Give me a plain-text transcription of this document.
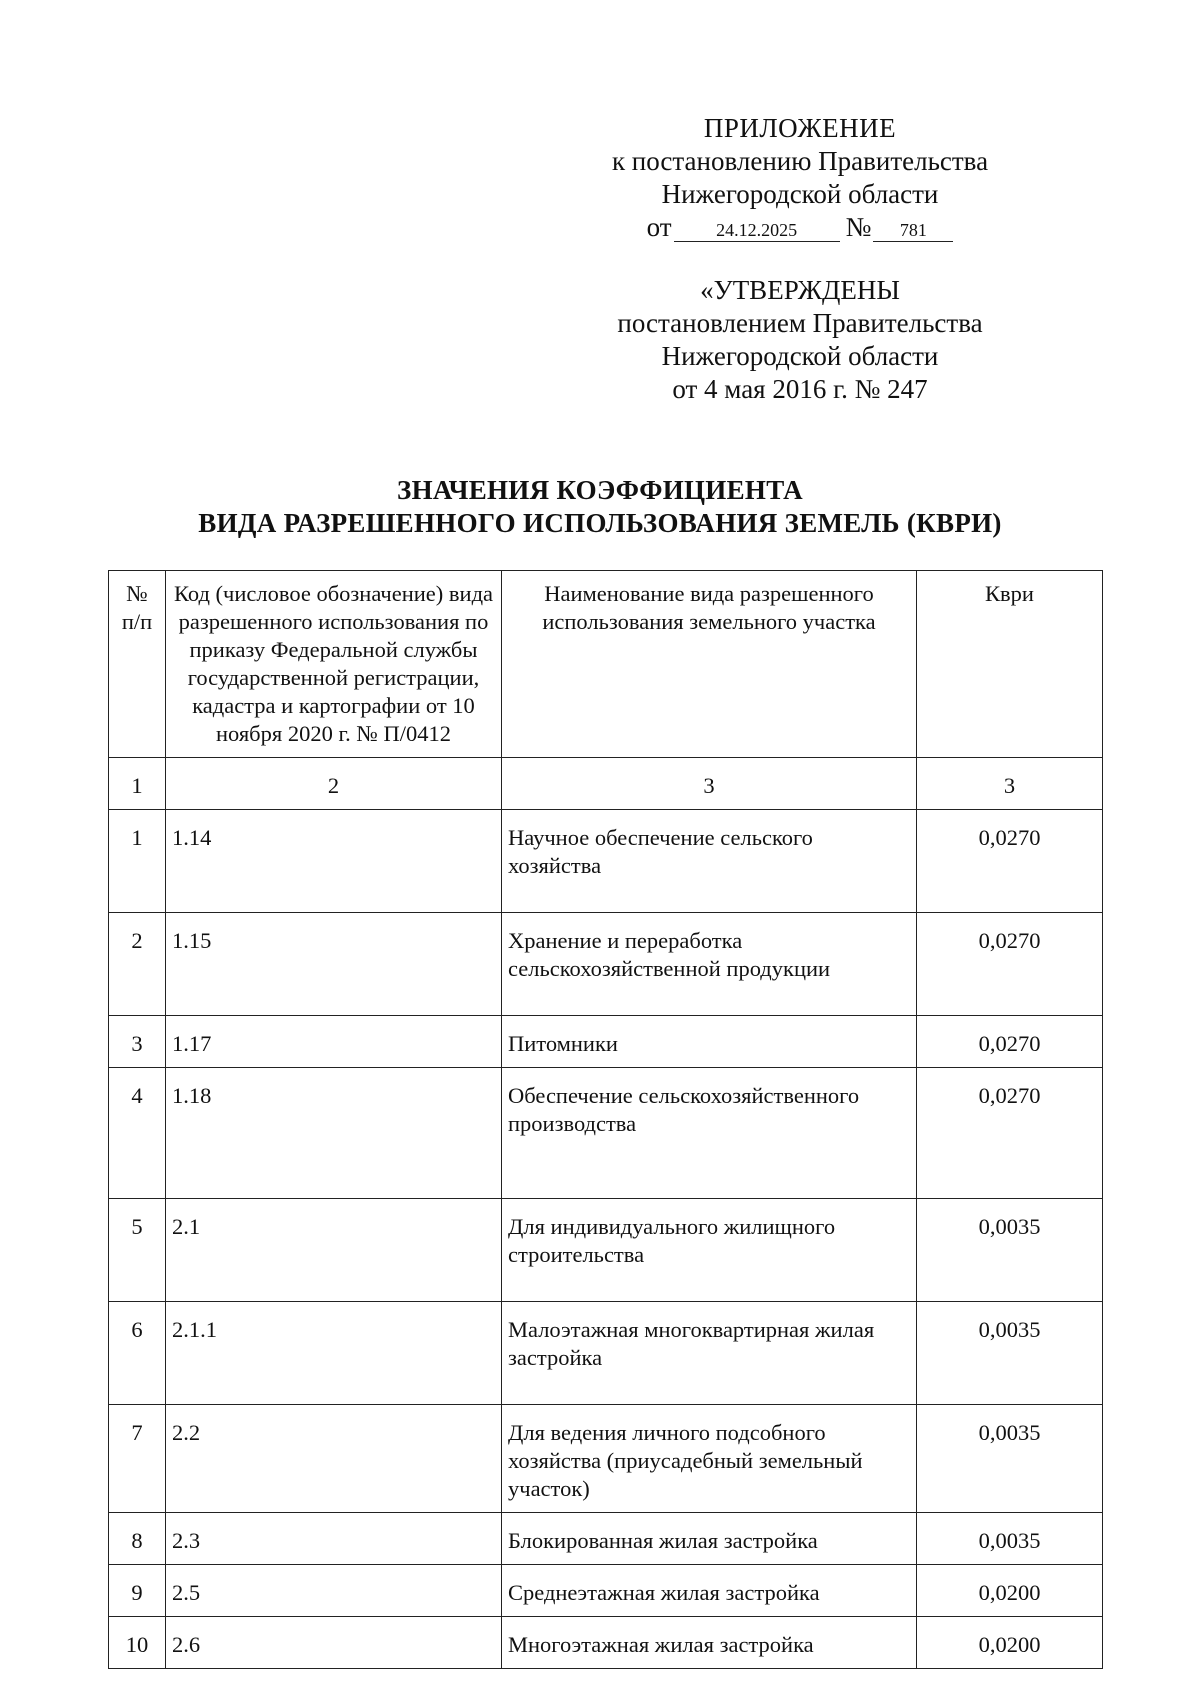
ПРИЛОЖЕНИЕ
к постановлению Правительства
Нижегородской области
от	24.12.2025	№	781
«УТВЕРЖДЕНЫ
постановлением Правительства
Нижегородской области
от 4 мая 2016 г. № 247
ЗНАЧЕНИЯ КОЭФФИЦИЕНТА
ВИДА РАЗРЕШЕННОГО ИСПОЛЬЗОВАНИЯ ЗЕМЕЛЬ (КВРИ)
№ п/п	Код (числовое обозначение) вида разрешенного использования по приказу Федеральной службы государственной регистрации, кадастра и картографии от 10 ноября 2020 г. № П/0412	Наименование вида разрешенного использования земельного участка	Кври
1	2	3	3
1	1.14	Научное обеспечение сельского хозяйства	0,0270
2	1.15	Хранение и переработка сельскохозяйственной продукции	0,0270
3	1.17	Питомники	0,0270
4	1.18	Обеспечение сельскохозяйственного производства	0,0270
5	2.1	Для индивидуального жилищного строительства	0,0035
6	2.1.1	Малоэтажная многоквартирная жилая застройка	0,0035
7	2.2	Для ведения личного подсобного хозяйства (приусадебный земельный участок)	0,0035
8	2.3	Блокированная жилая застройка	0,0035
9	2.5	Среднеэтажная жилая застройка	0,0200
10	2.6	Многоэтажная жилая застройка	0,0200
